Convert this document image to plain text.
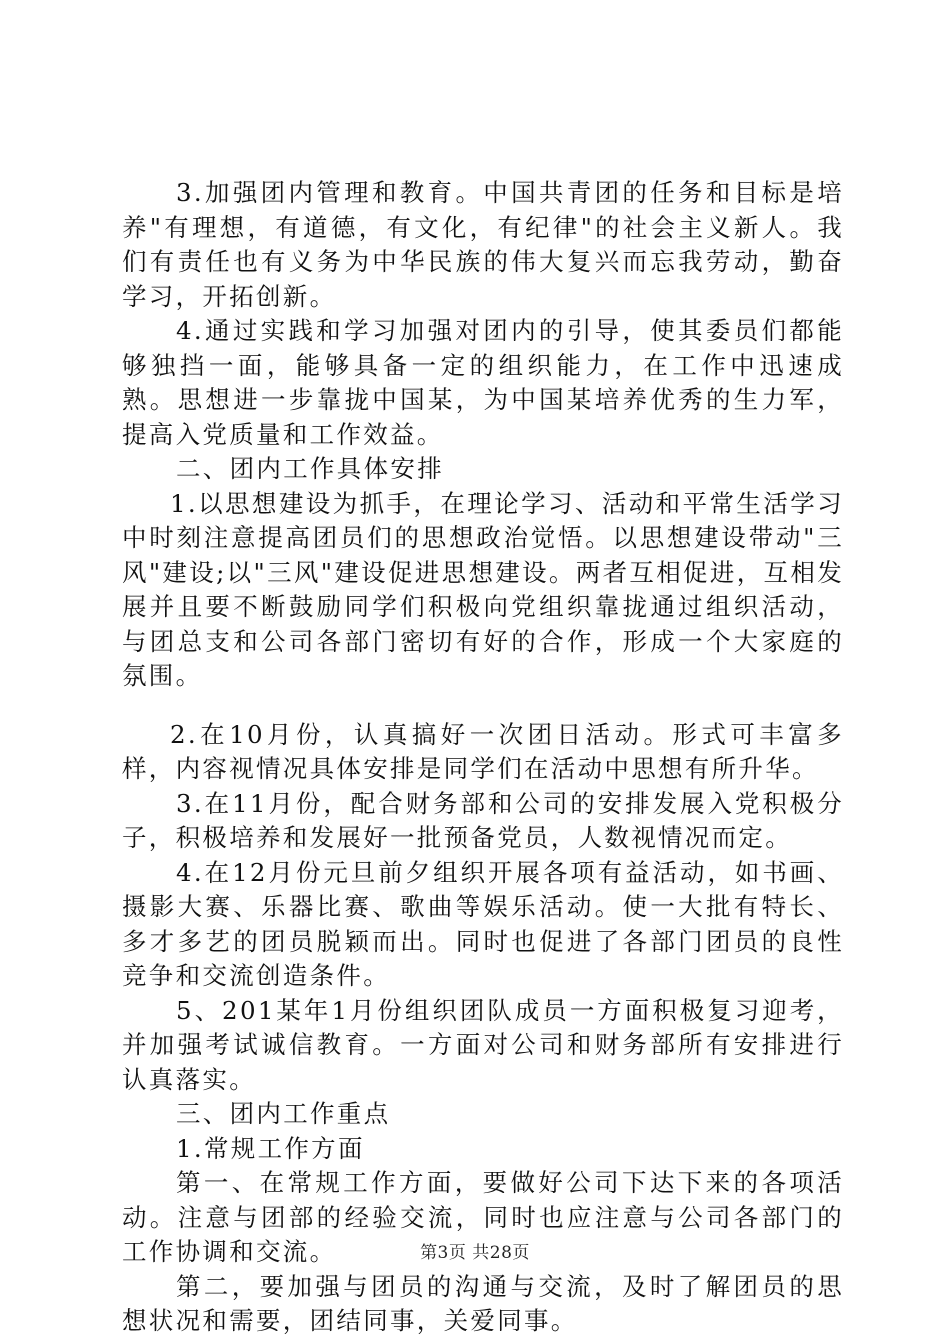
3.加强团内管理和教育。中国共青团的任务和目标是培养"有理想，有道德，有文化，有纪律"的社会主义新人。我们有责任也有义务为中华民族的伟大复兴而忘我劳动，勤奋学习，开拓创新。

4.通过实践和学习加强对团内的引导，使其委员们都能够独挡一面，能够具备一定的组织能力，在工作中迅速成熟。思想进一步靠拢中国某，为中国某培养优秀的生力军，提高入党质量和工作效益。

二、团内工作具体安排

1.以思想建设为抓手，在理论学习、活动和平常生活学习中时刻注意提高团员们的思想政治觉悟。以思想建设带动"三风"建设;以"三风"建设促进思想建设。两者互相促进，互相发展并且要不断鼓励同学们积极向党组织靠拢通过组织活动，与团总支和公司各部门密切有好的合作，形成一个大家庭的氛围。

2.在10月份，认真搞好一次团日活动。形式可丰富多样，内容视情况具体安排是同学们在活动中思想有所升华。

3.在11月份，配合财务部和公司的安排发展入党积极分子，积极培养和发展好一批预备党员，人数视情况而定。

4.在12月份元旦前夕组织开展各项有益活动，如书画、摄影大赛、乐器比赛、歌曲等娱乐活动。使一大批有特长、多才多艺的团员脱颖而出。同时也促进了各部门团员的良性竞争和交流创造条件。

5、201某年1月份组织团队成员一方面积极复习迎考，并加强考试诚信教育。一方面对公司和财务部所有安排进行认真落实。

三、团内工作重点

1.常规工作方面

第一、在常规工作方面，要做好公司下达下来的各项活动。注意与团部的经验交流，同时也应注意与公司各部门的工作协调和交流。

第二，要加强与团员的沟通与交流，及时了解团员的思想状况和需要，团结同事，关爱同事。

第3页 共28页
